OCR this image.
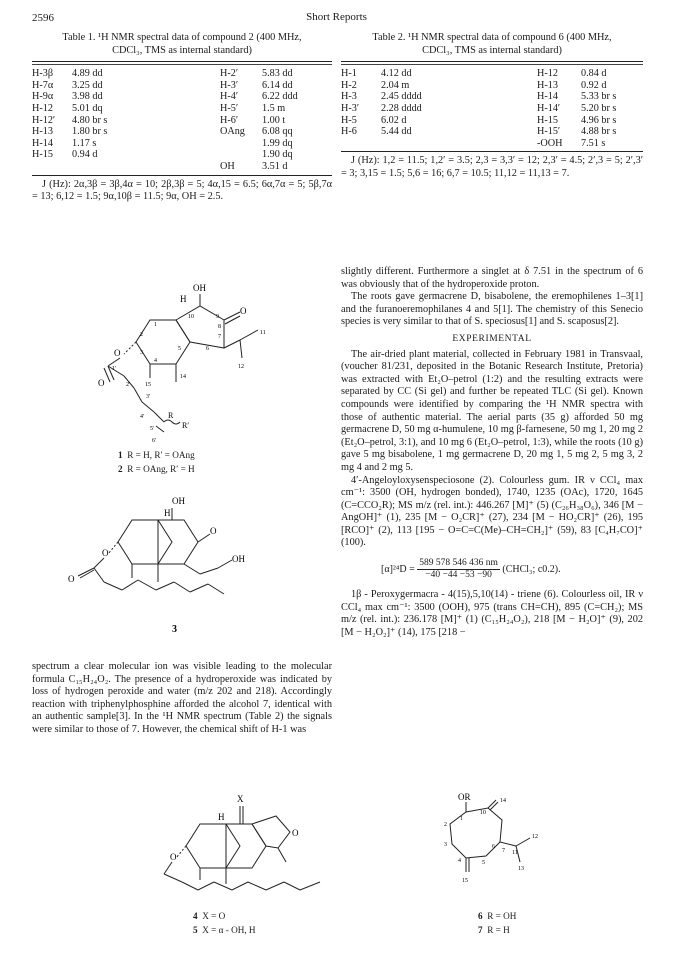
2596	Short Reports
Table 1. ¹H NMR spectral data of compound 2 (400 MHz,
CDCl₃, TMS as internal standard)
H-3β	4.89 dd	H-2′	5.83 dd
H-7α	3.25 dd	H-3′	6.14 dd
H-9α	3.98 dd	H-4′	6.22 ddd
H-12	5.01 dq	H-5′	1.5 m
H-12′	4.80 br s	H-6′	1.00 t
H-13	1.80 br s	OAng	6.08 qq
H-14	1.17 s		1.99 dq
H-15	0.94 d		1.90 dq
		OH	3.51 d
J (Hz): 2α,3β = 3β,4α = 10; 2β,3β = 5; 4α,15 = 6.5; 6α,7α = 5; 5β,7α = 13; 6,12 = 1.5; 9α,10β = 11.5; 9α, OH = 2.5.
Table 2. ¹H NMR spectral data of compound 6 (400 MHz,
CDCl₃, TMS as internal standard)
H-1	4.12 dd	H-12	0.84 d
H-2	2.04 m	H-13	0.92 d
H-3	2.45 dddd	H-14	5.33 br s
H-3′	2.28 dddd	H-14′	5.20 br s
H-5	6.02 d	H-15	4.96 br s
H-6	5.44 dd	H-15′	4.88 br s
		-OOH	7.51 s
J (Hz): 1,2 = 11.5; 1,2′ = 3.5; 2,3 = 3,3′ = 12; 2,3′ = 4.5; 2′,3 = 5; 2′,3′ = 3; 3,15 = 1.5; 5,6 = 16; 6,7 = 10.5; 11,12 = 11,13 = 7.
OH
H
O
O
O
10	9
1
2
3
4
5	6
7
8
11
12
14
15
1′
2′
3′
4′
5′
6′
R
R′
1 R = H, R′ = OAng
2 R = OAng, R′ = H
OH
H
O
O
O
OH
3
spectrum a clear molecular ion was visible leading to the molecular formula C₁₅H₂₄O₂. The presence of a hydroperoxide was indicated by loss of hydrogen peroxide and water (m/z 202 and 218). Accordingly reaction with triphenylphosphine afforded the alcohol 7, identical with an authentic sample[3]. In the ¹H NMR spectrum (Table 2) the signals were similar to those of 7. However, the chemical shift of H-1 was
slightly different. Furthermore a singlet at δ 7.51 in the spectrum of 6 was obviously that of the hydroperoxide proton.
The roots gave germacrene D, bisabolene, the eremophilenes 1–3[1] and the furanoeremophilanes 4 and 5[1]. The chemistry of this Senecio species is very similar to that of S. speciosus[1] and S. scaposus[2].
EXPERIMENTAL
The air-dried plant material, collected in February 1981 in Transvaal, (voucher 81/231, deposited in the Botanic Research Institute, Pretoria) was extracted with Et₂O–petrol (1:2) and the resulting extracts were separated by CC (Si gel) and further be repeated TLC (Si gel). Known compounds were identified by comparing the ¹H NMR spectra with those of authentic material. The aerial parts (35 g) afforded 50 mg germacrene D, 50 mg α-humulene, 10 mg β-farnesene, 50 mg 1, 20 mg 2 (Et₂O–petrol, 3:1), and 10 mg 6 (Et₂O–petrol, 1:3), while the roots (10 g) gave 5 mg bisabolene, 1 mg germacrene D, 20 mg 1, 5 mg 2, 5 mg 3, 2 mg 4 and 2 mg 5.
4′-Angeloyloxysenspeciosone (2). Colourless gum. IR ν CCl₄ max cm⁻¹: 3500 (OH, hydrogen bonded), 1740, 1235 (OAc), 1720, 1645 (C=CCO₂R); MS m/z (rel. int.): 446.267 [M]⁺ (5) (C₂₆H₃₈O₆), 346 [M − AngOH]⁺ (1), 235 [M − O₂CR]⁺ (27), 234 [M − HO₂CR]⁺ (26), 195 [RCO]⁺ (2), 113 [195 − O=C=C(Me)–CH=CH₂]⁺ (59), 83 [C₄H₇CO]⁺ (100).
$[\alpha]^{24}D = \frac{589 578 546 436 nm}{-40 -44 -53 -90}$ (CHCl₃; c0.2).
1β - Peroxygermacra - 4(15),5,10(14) - triene (6). Colourless oil, IR ν CCl₄ max cm⁻¹: 3500 (OOH), 975 (trans CH=CH), 895 (C=CH₂); MS m/z (rel. int.): 236.178 [M]⁺ (1) (C₁₅H₂₄O₂), 218 [M − H₂O]⁺ (9), 202 [M − H₂O₂]⁺ (14), 175 [218 −
X
H
O
O
4 X = O
5 X = α - OH, H
OR
1
2
3
4	5
6
7
10
11
12
13
14
15
6 R = OH
7 R = H
